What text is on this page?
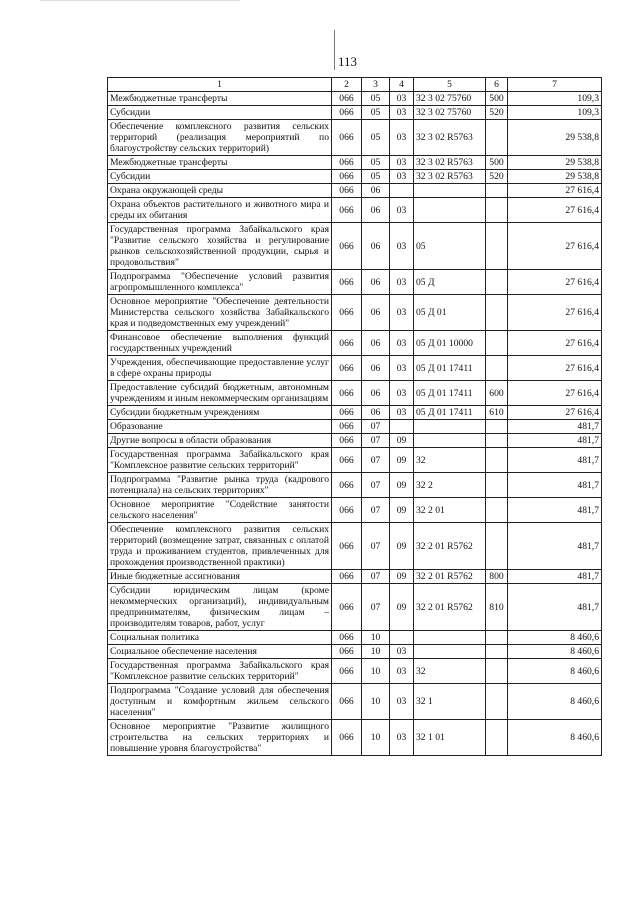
113
1	2	3	4	5	6	7
Межбюджетные трансферты	066	05	03	32 3 02 75760	500	109,3
Субсидии	066	05	03	32 3 02 75760	520	109,3
Обеспечение комплексного развития сельских территорий (реализация мероприятий по благоустройству сельских территорий)	066	05	03	32 3 02 R5763		29 538,8
Межбюджетные трансферты	066	05	03	32 3 02 R5763	500	29 538,8
Субсидии	066	05	03	32 3 02 R5763	520	29 538,8
Охрана окружающей среды	066	06				27 616,4
Охрана объектов растительного и животного мира и среды их обитания	066	06	03			27 616,4
Государственная программа Забайкальского края "Развитие сельского хозяйства и регулирование рынков сельскохозяйственной продукции, сырья и продовольствия"	066	06	03	05		27 616,4
Подпрограмма "Обеспечение условий развития агропромышленного комплекса"	066	06	03	05 Д		27 616,4
Основное мероприятие "Обеспечение деятельности Министерства сельского хозяйства Забайкальского края и подведомственных ему учреждений"	066	06	03	05 Д 01		27 616,4
Финансовое обеспечение выполнения функций государственных учреждений	066	06	03	05 Д 01 10000		27 616,4
Учреждения, обеспечивающие предоставление услуг в сфере охраны природы	066	06	03	05 Д 01 17411		27 616,4
Предоставление субсидий бюджетным, автономным учреждениям и иным некоммерческим организациям	066	06	03	05 Д 01 17411	600	27 616,4
Субсидии бюджетным учреждениям	066	06	03	05 Д 01 17411	610	27 616,4
Образование	066	07				481,7
Другие вопросы в области образования	066	07	09			481,7
Государственная программа Забайкальского края "Комплексное развитие сельских территорий"	066	07	09	32		481,7
Подпрограмма "Развитие рынка труда (кадрового потенциала) на сельских территориях"	066	07	09	32 2		481,7
Основное мероприятие "Содействие занятости сельского населения"	066	07	09	32 2 01		481,7
Обеспечение комплексного развития сельских территорий (возмещение затрат, связанных с оплатой труда и проживанием студентов, привлеченных для прохождения производственной практики)	066	07	09	32 2 01 R5762		481,7
Иные бюджетные ассигнования	066	07	09	32 2 01 R5762	800	481,7
Субсидии юридическим лицам (кроме некоммерческих организаций), индивидуальным предпринимателям, физическим лицам – производителям товаров, работ, услуг	066	07	09	32 2 01 R5762	810	481,7
Социальная политика	066	10				8 460,6
Социальное обеспечение населения	066	10	03			8 460,6
Государственная программа Забайкальского края "Комплексное развитие сельских территорий"	066	10	03	32		8 460,6
Подпрограмма "Создание условий для обеспечения доступным и комфортным жильем сельского населения"	066	10	03	32 1		8 460,6
Основное мероприятие "Развитие жилищного строительства на сельских территориях и повышение уровня благоустройства"	066	10	03	32 1 01		8 460,6
